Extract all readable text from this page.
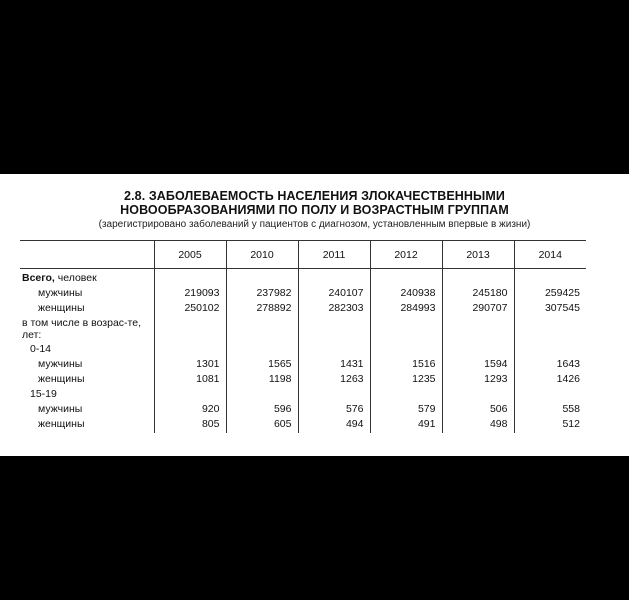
2.8. ЗАБОЛЕВАЕМОСТЬ НАСЕЛЕНИЯ ЗЛОКАЧЕСТВЕННЫМИ
НОВООБРАЗОВАНИЯМИ ПО ПОЛУ И ВОЗРАСТНЫМ ГРУППАМ
(зарегистрировано заболеваний у пациентов с диагнозом, установленным впервые в жизни)
	2005	2010	2011	2012	2013	2014
Всего, человек						
мужчины	219093	237982	240107	240938	245180	259425
женщины	250102	278892	282303	284993	290707	307545
в том числе в возрас-те, лет:						
0-14						
мужчины	1301	1565	1431	1516	1594	1643
женщины	1081	1198	1263	1235	1293	1426
15-19						
мужчины	920	596	576	579	506	558
женщины	805	605	494	491	498	512
